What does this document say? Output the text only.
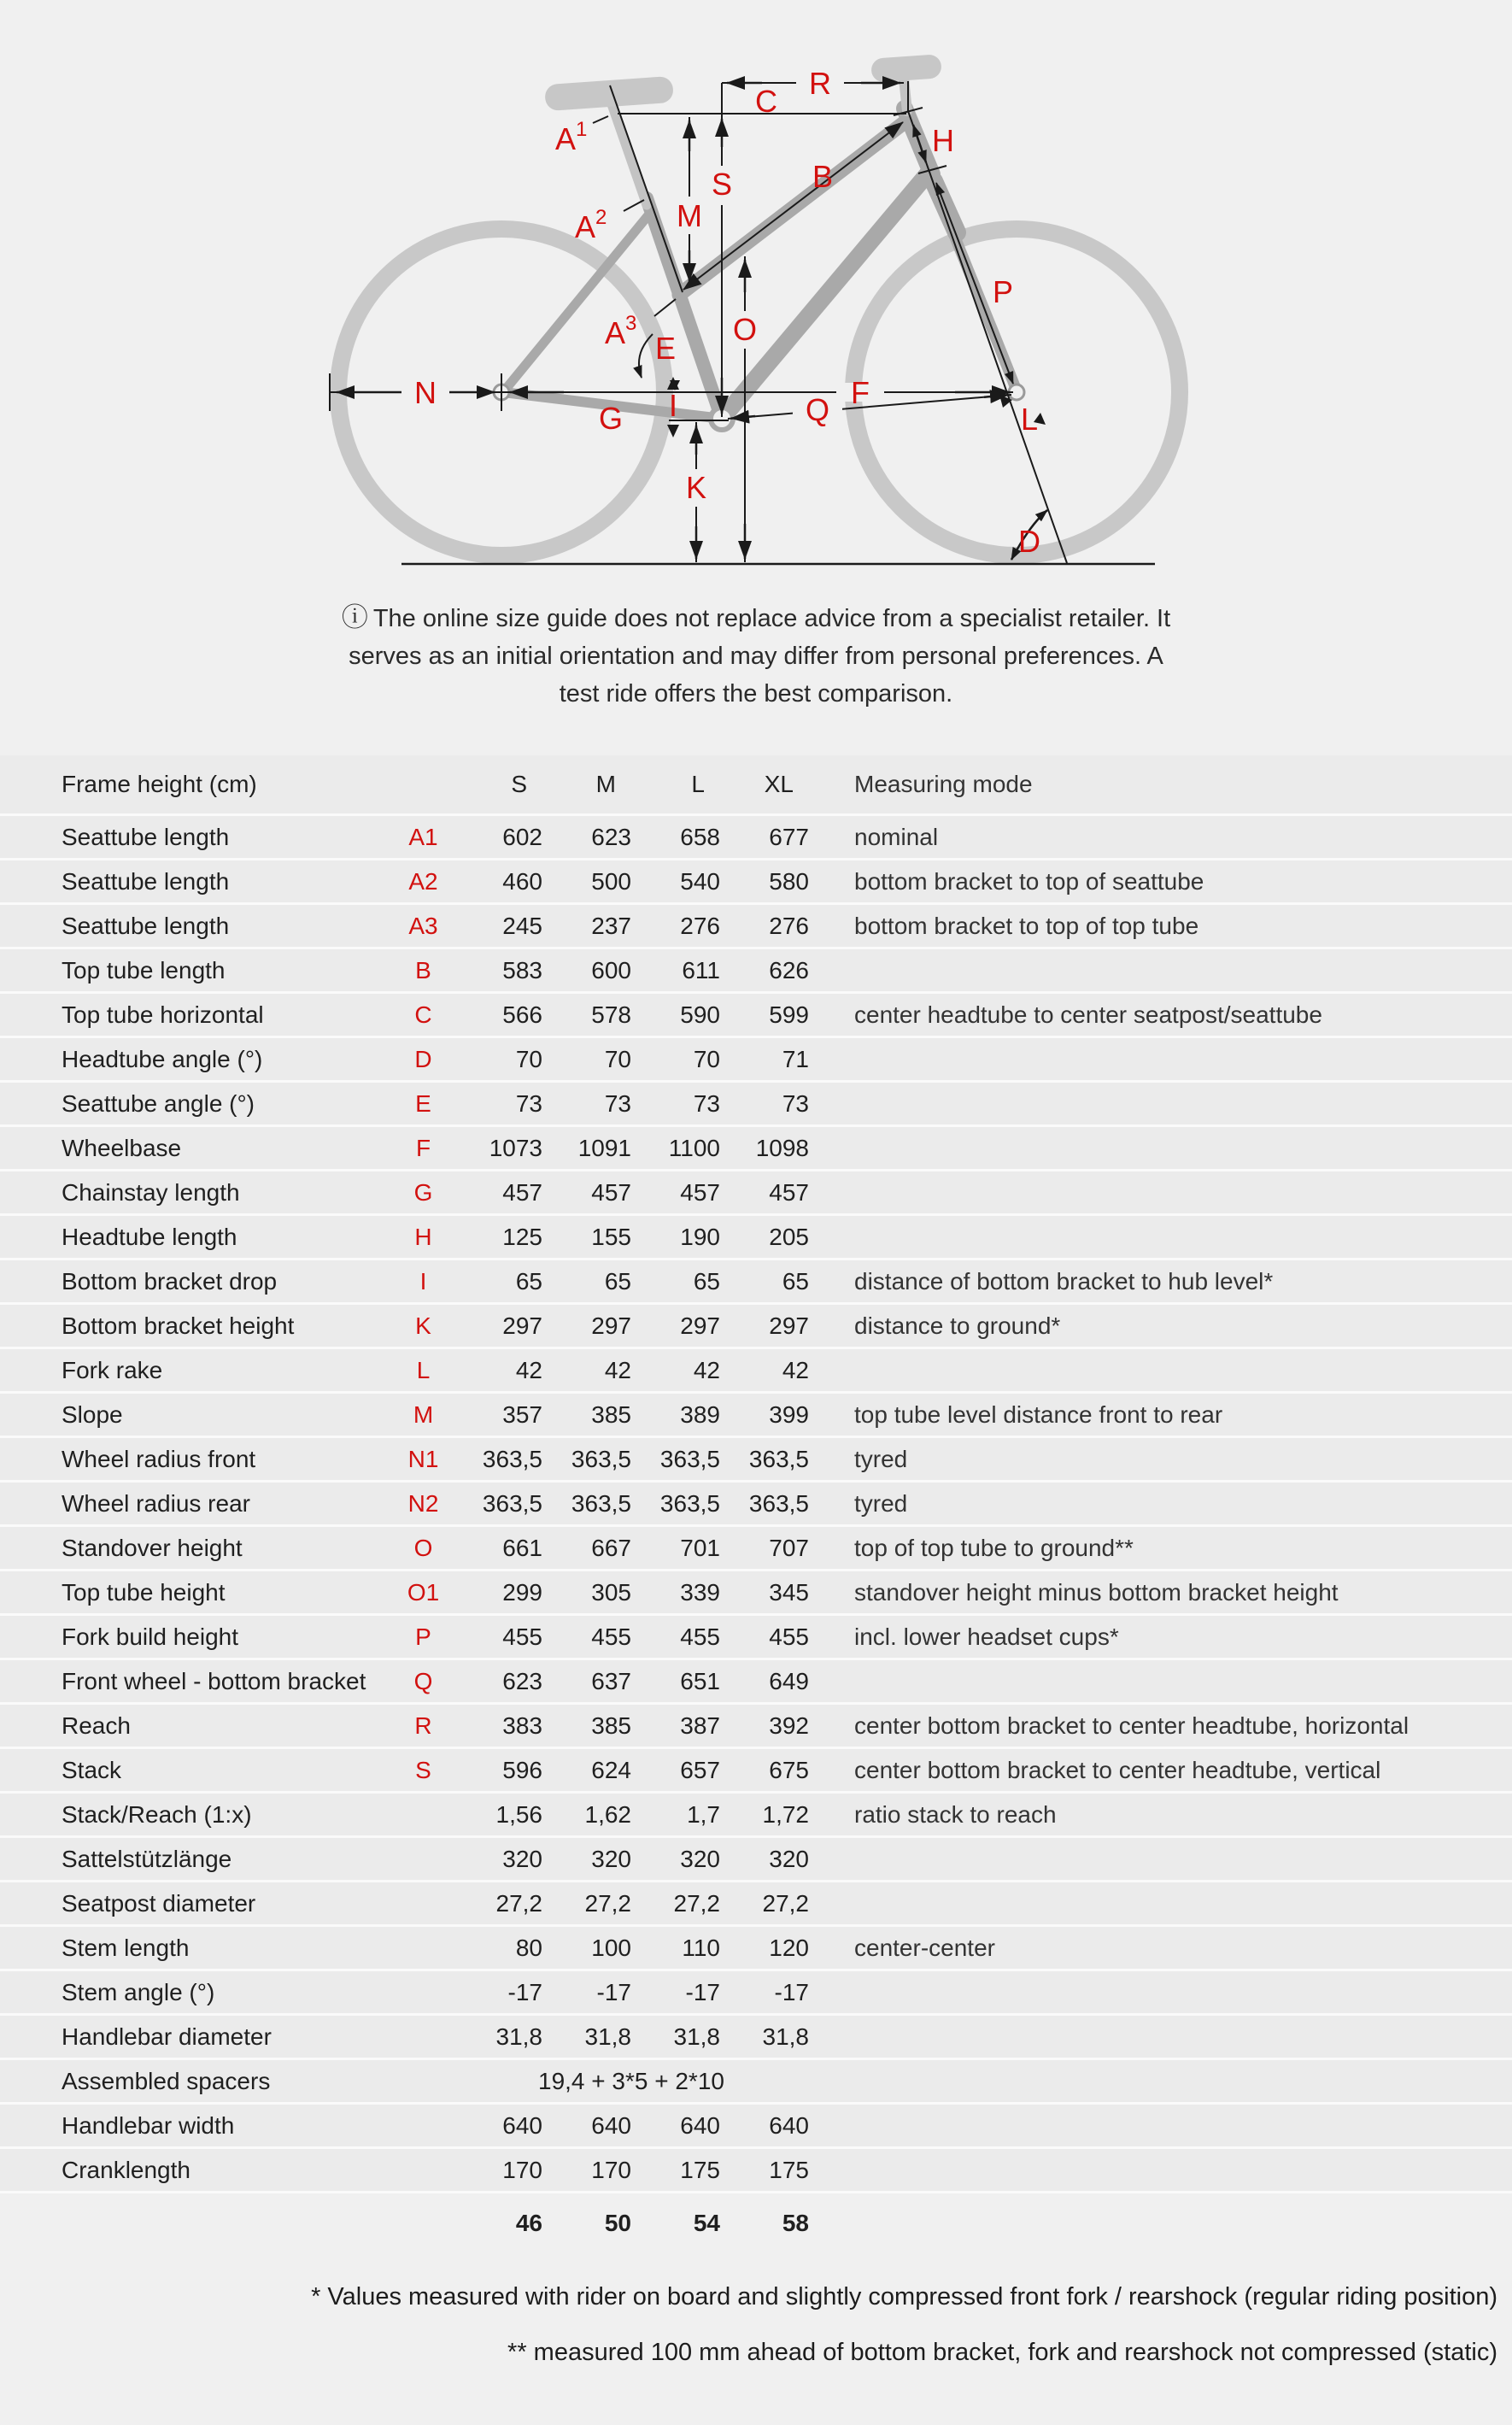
$A^1$
$A^2$
$A^3$
B
C
R
S
M
O
H
P
E
I
G
K
N	F
Q	L
D
ⓘ The online size guide does not replace advice from a specialist retailer. It
serves as an initial orientation and may differ from personal preferences. A
test ride offers the best comparison.
Frame height (cm)		S	M	L	XL	Measuring mode
Seattube length	A1	602	623	658	677	nominal
Seattube length	A2	460	500	540	580	bottom bracket to top of seattube
Seattube length	A3	245	237	276	276	bottom bracket to top of top tube
Top tube length	B	583	600	611	626	
Top tube horizontal	C	566	578	590	599	center headtube to center seatpost/seattube
Headtube angle (°)	D	70	70	70	71	
Seattube angle (°)	E	73	73	73	73	
Wheelbase	F	1073	1091	1100	1098	
Chainstay length	G	457	457	457	457	
Headtube length	H	125	155	190	205	
Bottom bracket drop	I	65	65	65	65	distance of bottom bracket to hub level*
Bottom bracket height	K	297	297	297	297	distance to ground*
Fork rake	L	42	42	42	42	
Slope	M	357	385	389	399	top tube level distance front to rear
Wheel radius front	N1	363,5	363,5	363,5	363,5	tyred
Wheel radius rear	N2	363,5	363,5	363,5	363,5	tyred
Standover height	O	661	667	701	707	top of top tube to ground**
Top tube height	O1	299	305	339	345	standover height minus bottom bracket height
Fork build height	P	455	455	455	455	incl. lower headset cups*
Front wheel - bottom bracket	Q	623	637	651	649	
Reach	R	383	385	387	392	center bottom bracket to center headtube, horizontal
Stack	S	596	624	657	675	center bottom bracket to center headtube, vertical
Stack/Reach (1:x)		1,56	1,62	1,7	1,72	ratio stack to reach
Sattelstützlänge		320	320	320	320	
Seatpost diameter		27,2	27,2	27,2	27,2	
Stem length		80	100	110	120	center-center
Stem angle (°)		-17	-17	-17	-17	
Handlebar diameter		31,8	31,8	31,8	31,8	
Assembled spacers		19,4 + 3*5 + 2*10				
Handlebar width		640	640	640	640	
Cranklength		170	170	175	175	
		46	50	54	58	
* Values measured with rider on board and slightly compressed front fork / rearshock (regular riding position)
** measured 100 mm ahead of bottom bracket, fork and rearshock not compressed (static)
